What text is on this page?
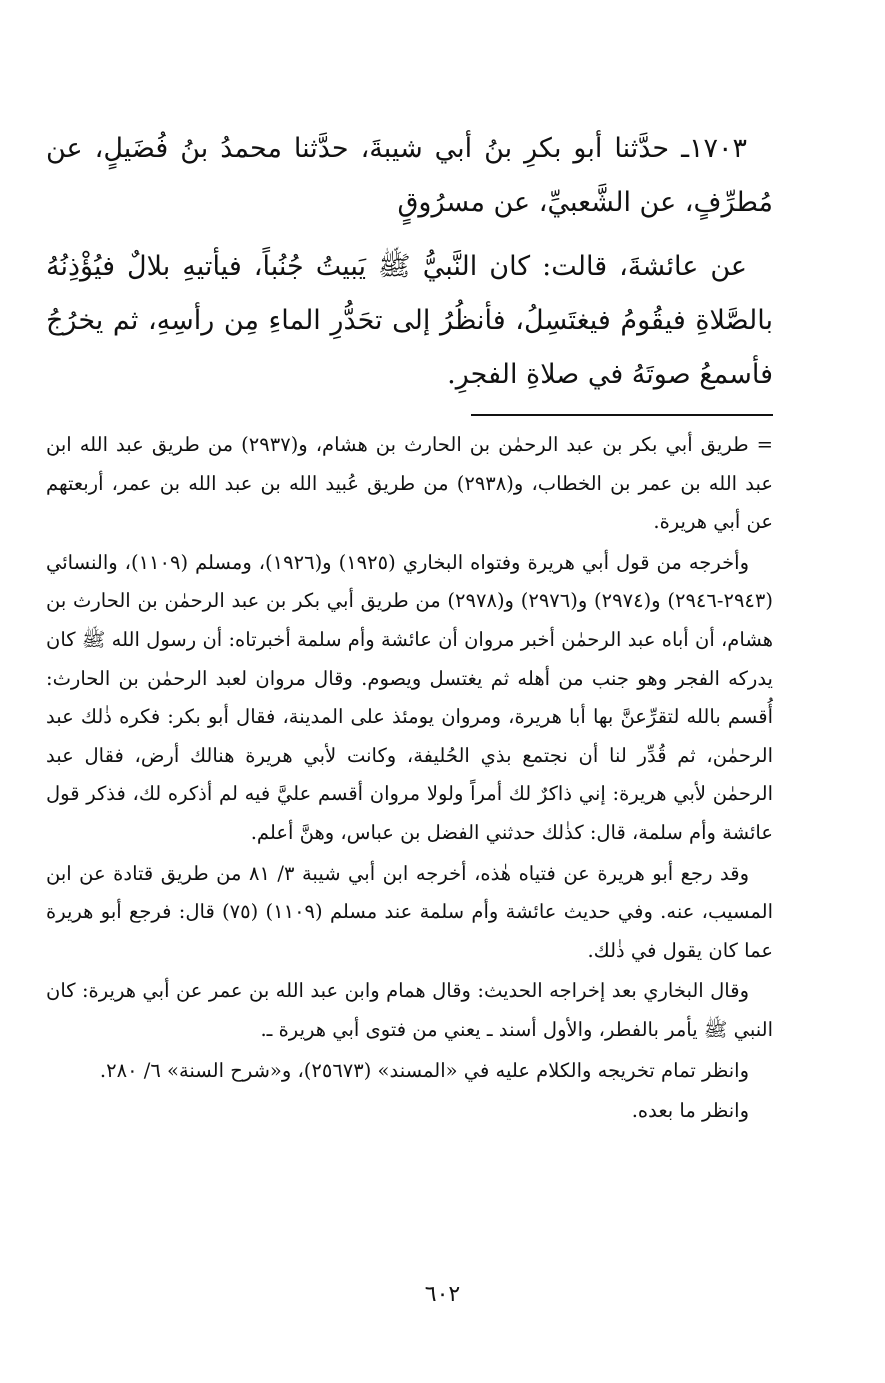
١٧٠٣ـ حدَّثنا أبو بكرِ بنُ أبي شيبةَ، حدَّثنا محمدُ بنُ فُضَيلٍ، عن مُطرِّفٍ، عن الشَّعبيِّ، عن مسرُوقٍ

عن عائشةَ، قالت: كان النَّبيُّ ﷺ يَبيتُ جُنُباً، فيأتيهِ بلالٌ فيُؤْذِنُهُ بالصَّلاةِ فيقُومُ فيغتَسِلُ، فأنظُرُ إلى تحَدُّرِ الماءِ مِن رأسِهِ، ثم يخرُجُ فأسمعُ صوتَهُ في صلاةِ الفجرِ.

= طريق أبي بكر بن عبد الرحمٰن بن الحارث بن هشام، و(٢٩٣٧) من طريق عبد الله ابن عبد الله بن عمر بن الخطاب، و(٢٩٣٨) من طريق عُبيد الله بن عبد الله بن عمر، أربعتهم عن أبي هريرة.

وأخرجه من قول أبي هريرة وفتواه البخاري (١٩٢٥) و(١٩٢٦)، ومسلم (١١٠٩)، والنسائي (٢٩٤٣-٢٩٤٦) و(٢٩٧٤) و(٢٩٧٦) و(٢٩٧٨) من طريق أبي بكر بن عبد الرحمٰن بن الحارث بن هشام، أن أباه عبد الرحمٰن أخبر مروان أن عائشة وأم سلمة أخبرتاه: أن رسول الله ﷺ كان يدركه الفجر وهو جنب من أهله ثم يغتسل ويصوم. وقال مروان لعبد الرحمٰن بن الحارث: أُقسم بالله لتقرِّعنَّ بها أبا هريرة، ومروان يومئذ على المدينة، فقال أبو بكر: فكره ذٰلك عبد الرحمٰن، ثم قُدِّر لنا أن نجتمع بذي الحُليفة، وكانت لأبي هريرة هنالك أرض، فقال عبد الرحمٰن لأبي هريرة: إني ذاكرٌ لك أمراً ولولا مروان أقسم عليَّ فيه لم أذكره لك، فذكر قول عائشة وأم سلمة، قال: كذٰلك حدثني الفضل بن عباس، وهنَّ أعلم.

وقد رجع أبو هريرة عن فتياه هٰذه، أخرجه ابن أبي شيبة ٣/ ٨١ من طريق قتادة عن ابن المسيب، عنه. وفي حديث عائشة وأم سلمة عند مسلم (١١٠٩) (٧٥) قال: فرجع أبو هريرة عما كان يقول في ذٰلك.

وقال البخاري بعد إخراجه الحديث: وقال همام وابن عبد الله بن عمر عن أبي هريرة: كان النبي ﷺ يأمر بالفطر، والأول أسند ـ يعني من فتوى أبي هريرة ـ.

وانظر تمام تخريجه والكلام عليه في «المسند» (٢٥٦٧٣)، و«شرح السنة» ٦/ ٢٨٠.

وانظر ما بعده.

٦٠٢
